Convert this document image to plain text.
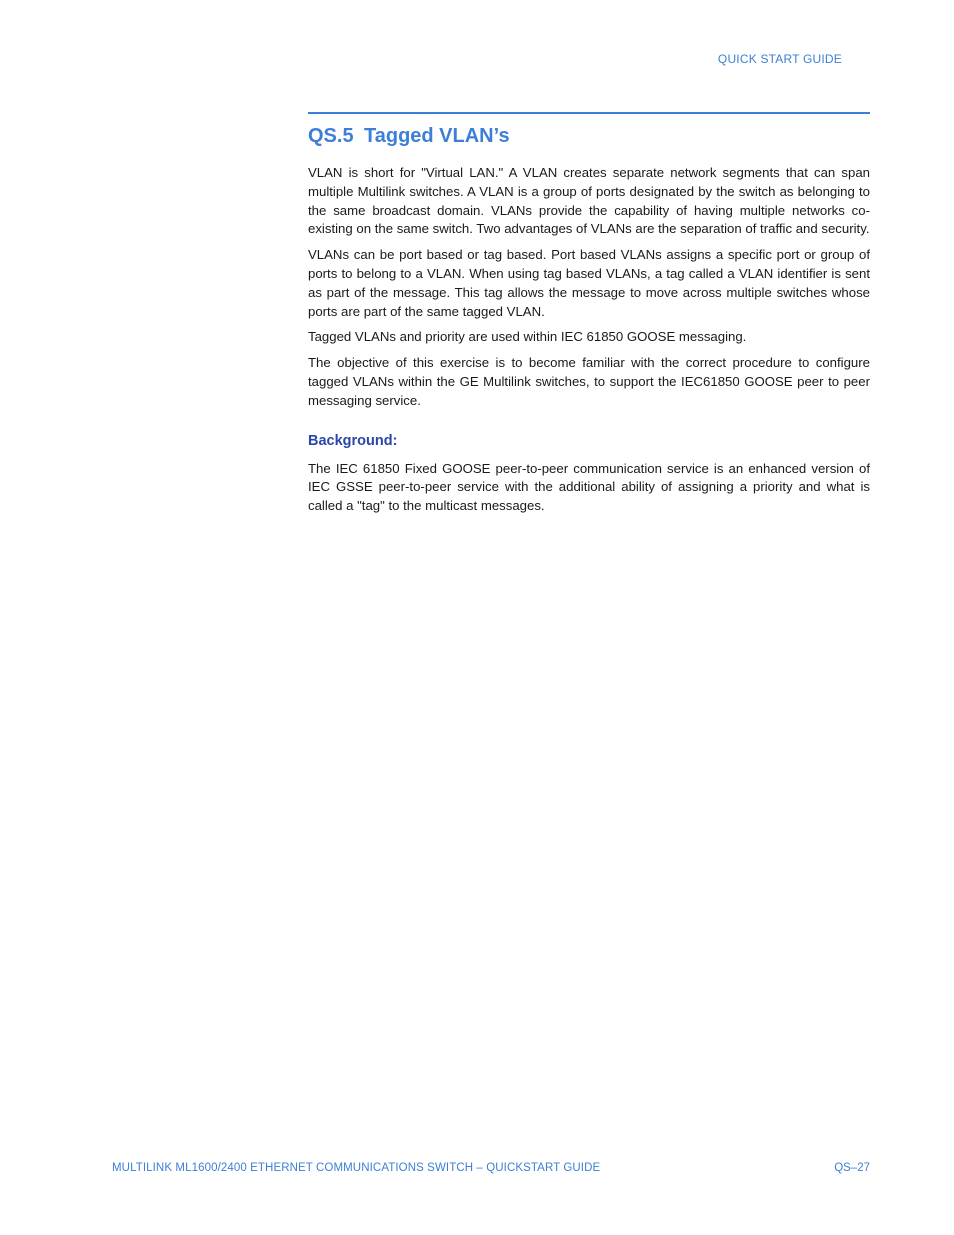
QUICK START GUIDE
QS.5 Tagged VLAN’s

VLAN is short for "Virtual LAN." A VLAN creates separate network segments that can span multiple Multilink switches. A VLAN is a group of ports designated by the switch as belonging to the same broadcast domain. VLANs provide the capability of having multiple networks co-existing on the same switch. Two advantages of VLANs are the separation of traffic and security.

VLANs can be port based or tag based. Port based VLANs assigns a specific port or group of ports to belong to a VLAN. When using tag based VLANs, a tag called a VLAN identifier is sent as part of the message. This tag allows the message to move across multiple switches whose ports are part of the same tagged VLAN.

Tagged VLANs and priority are used within IEC 61850 GOOSE messaging.

The objective of this exercise is to become familiar with the correct procedure to configure tagged VLANs within the GE Multilink switches, to support the IEC61850 GOOSE peer to peer messaging service.

Background:

The IEC 61850 Fixed GOOSE peer-to-peer communication service is an enhanced version of IEC GSSE peer-to-peer service with the additional ability of assigning a priority and what is called a "tag" to the multicast messages.

MULTILINK ML1600/2400 ETHERNET COMMUNICATIONS SWITCH – QUICKSTART GUIDE	QS–27
